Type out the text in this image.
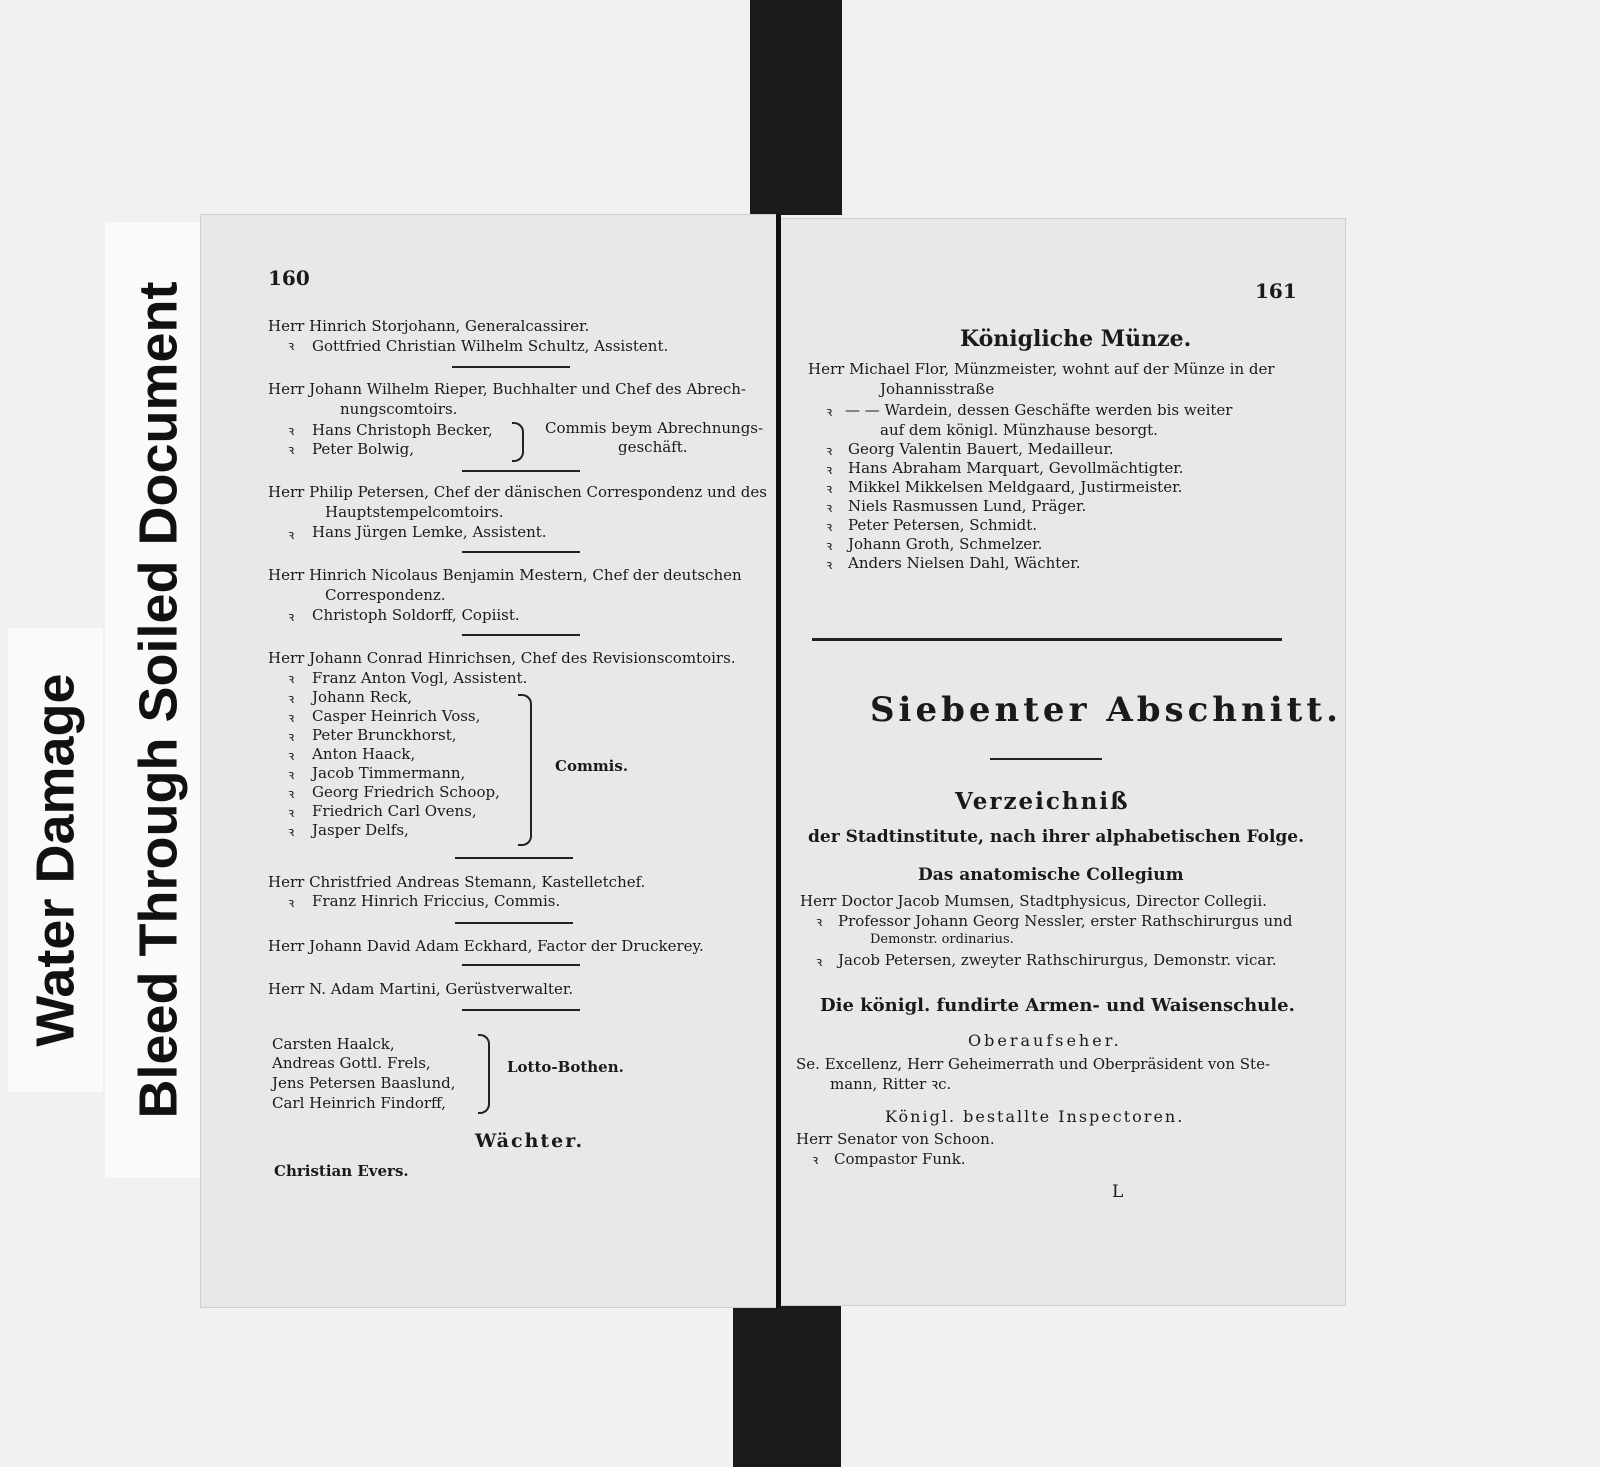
Water Damage Bleed Through Soiled Document
160
Herr Hinrich Storjohann, Generalcassirer.
ꝛ Gottfried Christian Wilhelm Schultz, Assistent.
Herr Johann Wilhelm Rieper, Buchhalter und Chef des Abrech-
nungscomtoirs.
ꝛ Hans Christoph Becker,
ꝛ Peter Bolwig,
Commis beym Abrechnungs-
geschäft.
Herr Philip Petersen, Chef der dänischen Correspondenz und des
Hauptstempelcomtoirs.
ꝛ Hans Jürgen Lemke, Assistent.
Herr Hinrich Nicolaus Benjamin Mestern, Chef der deutschen
Correspondenz.
ꝛ Christoph Soldorff, Copiist.
Herr Johann Conrad Hinrichsen, Chef des Revisionscomtoirs.
ꝛ Franz Anton Vogl, Assistent.
ꝛ Johann Reck,
ꝛ Casper Heinrich Voss,
ꝛ Peter Brunckhorst,
ꝛ Anton Haack,
ꝛ Jacob Timmermann,
ꝛ Georg Friedrich Schoop,
ꝛ Friedrich Carl Ovens,
ꝛ Jasper Delfs,
Commis.
Herr Christfried Andreas Stemann, Kastelletchef.
ꝛ Franz Hinrich Friccius, Commis.
Herr Johann David Adam Eckhard, Factor der Druckerey.
Herr N. Adam Martini, Gerüstverwalter.
Carsten Haalck,
Andreas Gottl. Frels,
Jens Petersen Baaslund,
Carl Heinrich Findorff,
Lotto-Bothen.
Wächter.
Christian Evers.
161
Königliche Münze.
Herr Michael Flor, Münzmeister, wohnt auf der Münze in der
Johannisstraße
ꝛ — — Wardein, dessen Geschäfte werden bis weiter
auf dem königl. Münzhause besorgt.
ꝛ Georg Valentin Bauert, Medailleur.
ꝛ Hans Abraham Marquart, Gevollmächtigter.
ꝛ Mikkel Mikkelsen Meldgaard, Justirmeister.
ꝛ Niels Rasmussen Lund, Präger.
ꝛ Peter Petersen, Schmidt.
ꝛ Johann Groth, Schmelzer.
ꝛ Anders Nielsen Dahl, Wächter.
Siebenter Abschnitt.
Verzeichniß
der Stadtinstitute, nach ihrer alphabetischen Folge.
Das anatomische Collegium
Herr Doctor Jacob Mumsen, Stadtphysicus, Director Collegii.
ꝛ Professor Johann Georg Nessler, erster Rathschirurgus und
Demonstr. ordinarius.
ꝛ Jacob Petersen, zweyter Rathschirurgus, Demonstr. vicar.
Die königl. fundirte Armen- und Waisenschule.
Oberaufseher.
Se. Excellenz, Herr Geheimerrath und Oberpräsident von Ste-
mann, Ritter ꝛc.
Königl. bestallte Inspectoren.
Herr Senator von Schoon.
ꝛ Compastor Funk.
L
